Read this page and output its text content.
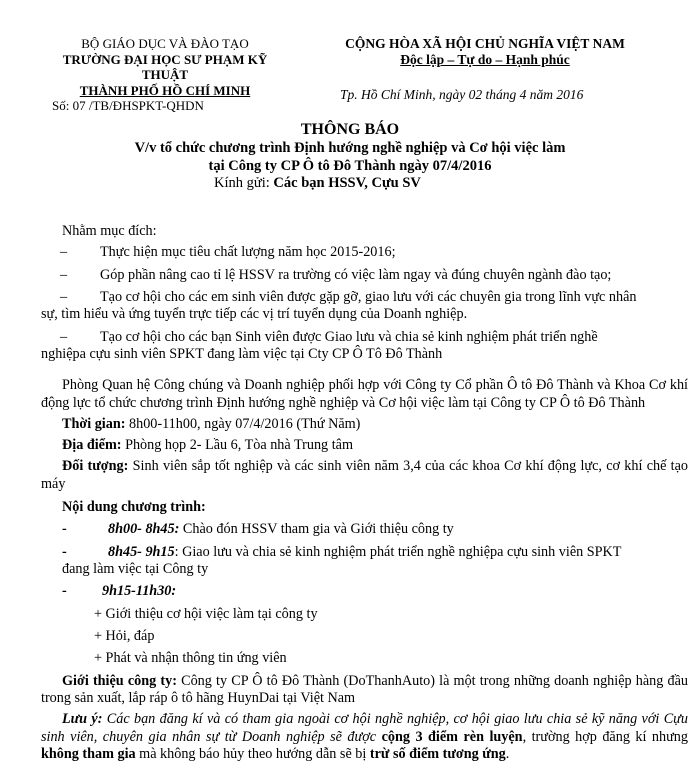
BỘ GIÁO DỤC VÀ ĐÀO TẠO
TRƯỜNG ĐẠI HỌC SƯ PHẠM KỸ THUẬT
THÀNH PHỐ HỒ CHÍ MINH
Số: 07 /TB/ĐHSPKT-QHDN
CỘNG HÒA XÃ HỘI CHỦ NGHĨA VIỆT NAM
Độc lập – Tự do – Hạnh phúc
Tp. Hồ Chí Minh, ngày 02 tháng 4 năm 2016
THÔNG BÁO
V/v tổ chức chương trình Định hướng nghề nghiệp và Cơ hội việc làm
tại Công ty CP Ô tô Đô Thành ngày 07/4/2016
Kính gửi: Các bạn HSSV, Cựu SV

Nhằm mục đích:

–	Thực hiện mục tiêu chất lượng năm học 2015-2016;
–	Góp phần nâng cao tỉ lệ HSSV ra trường có việc làm ngay và đúng chuyên ngành đào tạo;
–	Tạo cơ hội cho các em sinh viên được gặp gỡ, giao lưu với các chuyên gia trong lĩnh vực nhân

sự, tìm hiểu và ứng tuyển trực tiếp các vị trí tuyển dụng của Doanh nghiệp.

–	Tạo cơ hội cho các bạn Sinh viên được Giao lưu và chia sẻ kinh nghiệm phát triển nghề

nghiệpa cựu sinh viên SPKT đang làm việc tại Cty CP Ô Tô Đô Thành

Phòng Quan hệ Công chúng và Doanh nghiệp phối hợp với Công ty Cổ phần Ô tô Đô Thành và Khoa Cơ khí động lực tổ chức chương trình Định hướng nghề nghiệp và Cơ hội việc làm tại Công ty CP Ô tô Đô Thành

Thời gian: 8h00-11h00, ngày 07/4/2016 (Thứ Năm)

Địa điểm: Phòng họp 2- Lầu 6, Tòa nhà Trung tâm

Đối tượng: Sinh viên sắp tốt nghiệp và các sinh viên năm 3,4 của các khoa Cơ khí động lực, cơ khí chế tạo máy

Nội dung chương trình:

-	8h00- 8h45: Chào đón HSSV tham gia và Giới thiệu công ty
-	8h45- 9h15: Giao lưu và chia sẻ kinh nghiệm phát triển nghề nghiệpa cựu sinh viên SPKT

đang làm việc tại Công ty

-	9h15-11h30:

+ Giới thiệu cơ hội việc làm tại công ty

+ Hỏi, đáp

+ Phát và nhận thông tin ứng viên

Giới thiệu công ty: Công ty CP Ô tô Đô Thành (DoThanhAuto) là một trong những doanh nghiệp hàng đầu trong sản xuất, lắp ráp ô tô hãng HuynDai tại Việt Nam

Lưu ý: Các bạn đăng kí và có tham gia ngoài cơ hội nghề nghiệp, cơ hội giao lưu chia sẻ kỹ năng với Cựu sinh viên, chuyên gia nhân sự từ Doanh nghiệp sẽ được cộng 3 điểm rèn luyện, trường hợp đăng kí nhưng không tham gia mà không báo hủy theo hướng dẫn sẽ bị trừ số điểm tương ứng.
